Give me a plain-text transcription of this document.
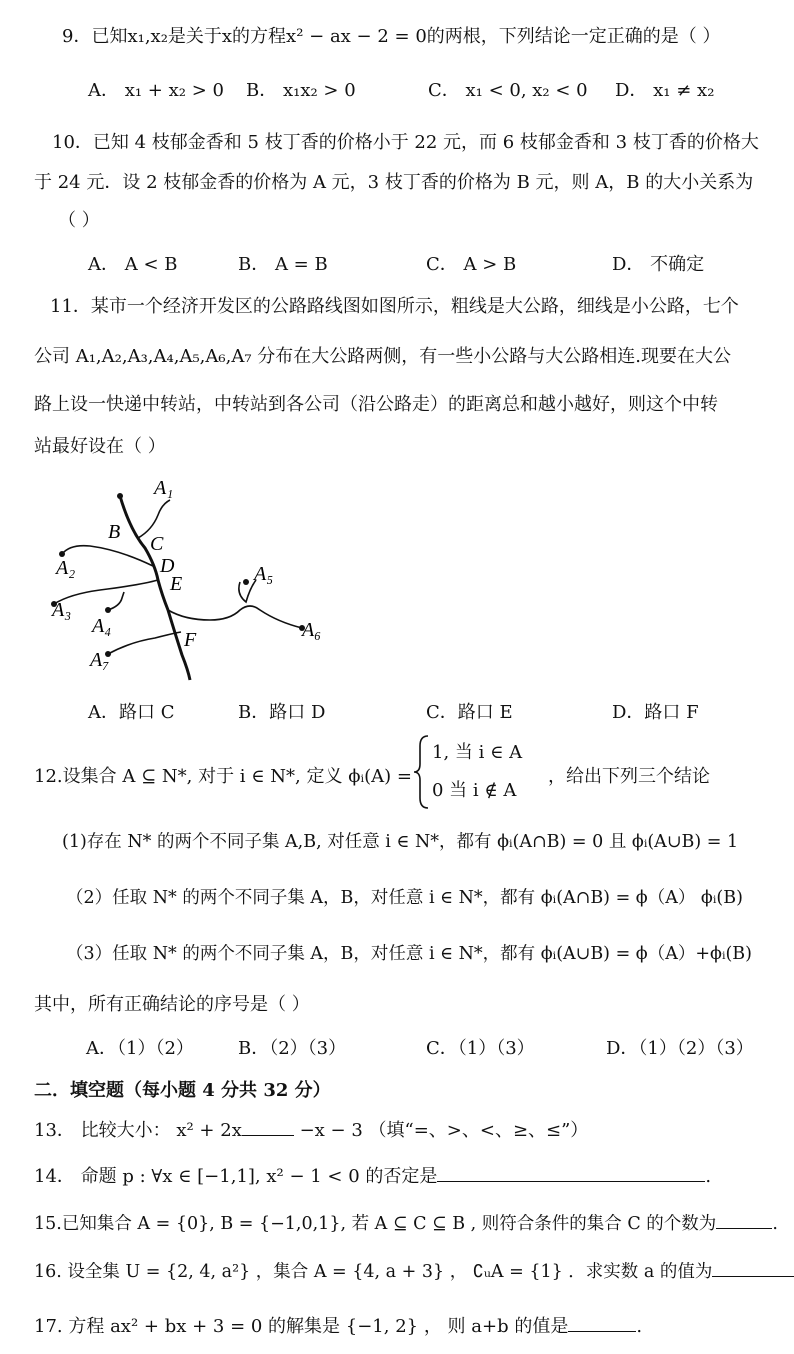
9．已知x₁,x₂是关于x的方程x² − ax − 2 = 0的两根，下列结论一定正确的是（ ）
A． x₁ + x₂ > 0 B． x₁x₂ > 0	C． x₁ < 0, x₂ < 0 D． x₁ ≠ x₂
10．已知 4 枝郁金香和 5 枝丁香的价格小于 22 元，而 6 枝郁金香和 3 枝丁香的价格大
于 24 元．设 2 枝郁金香的价格为 A 元，3 枝丁香的价格为 B 元，则 A，B 的大小关系为
（ ）
A． A < B	B． A = B	C． A > B	D． 不确定
11．某市一个经济开发区的公路路线图如图所示，粗线是大公路，细线是小公路，七个
公司 A₁,A₂,A₃,A₄,A₅,A₆,A₇ 分布在大公路两侧，有一些小公路与大公路相连.现要在大公
路上设一快递中转站，中转站到各公司（沿公路走）的距离总和越小越好，则这个中转
站最好设在（ ）
A₁
B
C
A₂	D
E	A₅
A₃
A₄	A₆
F
A₇
A．路口 C	B．路口 D	C．路口 E	D．路口 F
12.设集合 A ⊆ N*, 对于 i ∈ N*, 定义 ϕᵢ(A) =
1, 当 i ∈ A
0 当 i ∉ A
，给出下列三个结论
(1)存在 N* 的两个不同子集 A,B, 对任意 i ∈ N*，都有 ϕᵢ(A∩B) = 0 且 ϕᵢ(A∪B) = 1
（2）任取 N* 的两个不同子集 A，B，对任意 i ∈ N*，都有 ϕᵢ(A∩B) = ϕ（A） ϕᵢ(B)
（3）任取 N* 的两个不同子集 A，B，对任意 i ∈ N*，都有 ϕᵢ(A∪B) = ϕ（A）+ϕᵢ(B)
其中，所有正确结论的序号是（ ）
A．（1）（2） B．（2）（3）	C．（1）（3）	D．（1）（2）（3）
二．填空题（每小题 4 分共 32 分）
13． 比较大小： x² + 2x	−x − 3 （填“=、>、<、≥、≤”）
14． 命题 p : ∀x ∈ [−1,1], x² − 1 < 0 的否定是	.
15.已知集合 A = {0}, B = {−1,0,1}, 若 A ⊆ C ⊆ B , 则符合条件的集合 C 的个数为	.
16. 设全集 U = {2, 4, a²} ，集合 A = {4, a + 3} ， ∁ᵤA = {1} ．求实数 a 的值为
17. 方程 ax² + bx + 3 = 0 的解集是 {−1, 2} ， 则 a+b 的值是	.
